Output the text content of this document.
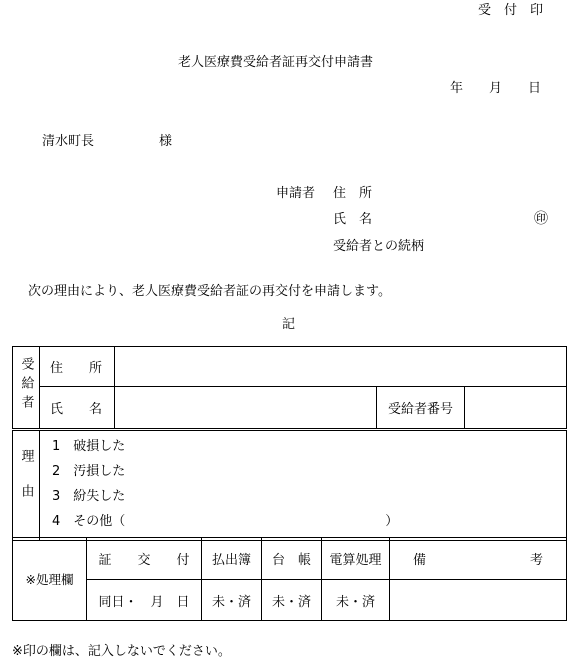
受　付　印
老人医療費受給者証再交付申請書
年　　月　　日
清水町長　　　　　様
申請者 住　所
氏　名	㊞
受給者との続柄
次の理由により、老人医療費受給者証の再交付を申請します。
記
受給者	住　　所			
	氏　　名		受給者番号	
理由	
1　破損した
2　汚損した
3　紛失した
4　その他（　　　　　　　　　　　　　　　　　　　　）
※処理欄	証　　交　　付	払出簿	台　帳	電算処理	備　　　　　　　　考
	同日・　月　日	未・済	未・済	未・済	
※印の欄は、記入しないでください。
